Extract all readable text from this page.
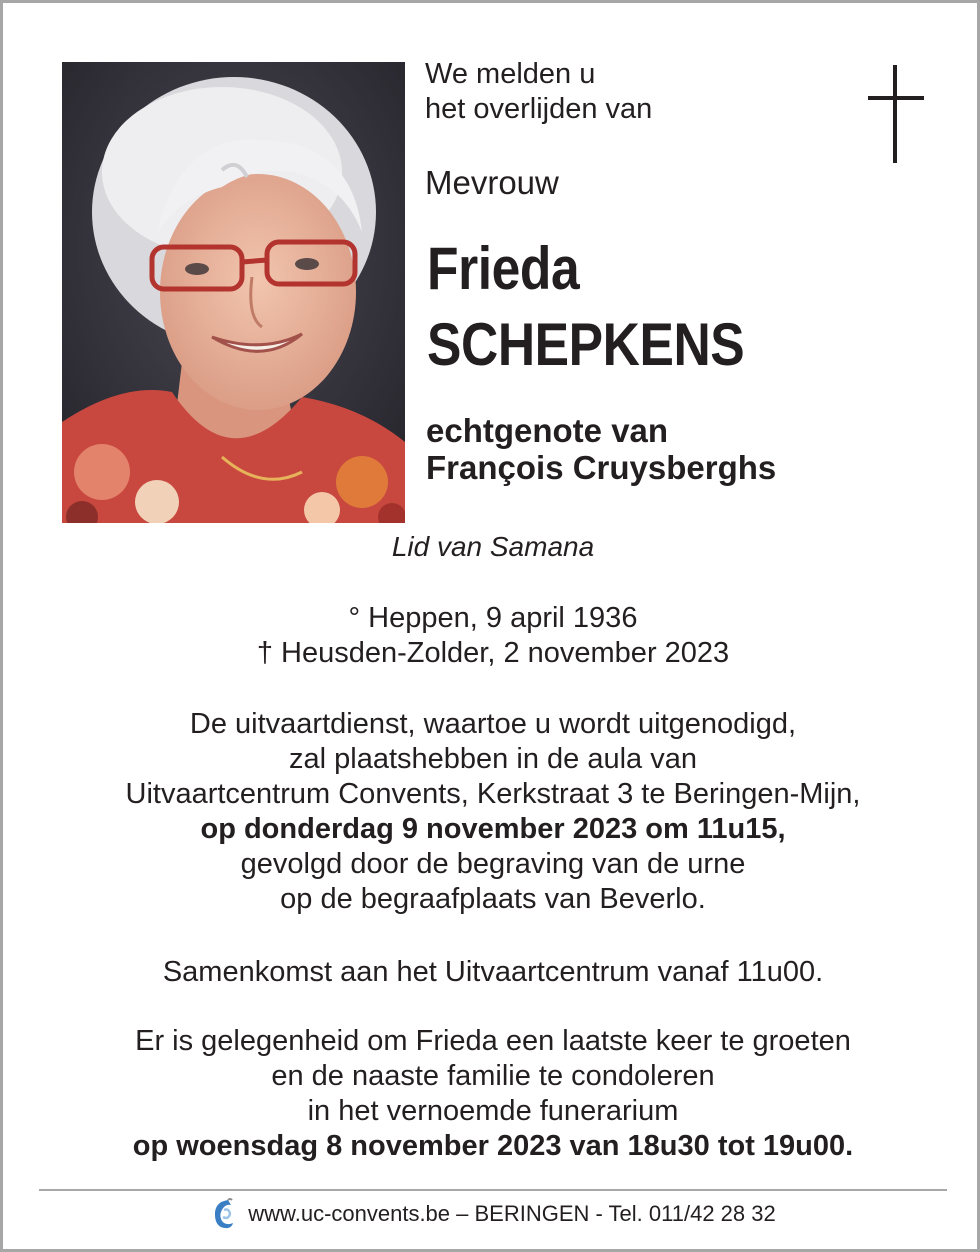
We melden u
het overlijden van
Mevrouw
Frieda
SCHEPKENS
echtgenote van
François Cruysberghs
Lid van Samana
° Heppen, 9 april 1936
† Heusden-Zolder, 2 november 2023
De uitvaartdienst, waartoe u wordt uitgenodigd,
zal plaatshebben in de aula van
Uitvaartcentrum Convents, Kerkstraat 3 te Beringen-Mijn,
op donderdag 9 november 2023 om 11u15,
gevolgd door de begraving van de urne
op de begraafplaats van Beverlo.
Samenkomst aan het Uitvaartcentrum vanaf 11u00.
Er is gelegenheid om Frieda een laatste keer te groeten
en de naaste familie te condoleren
in het vernoemde funerarium
op woensdag 8 november 2023 van 18u30 tot 19u00.
www.uc-convents.be – BERINGEN - Tel. 011/42 28 32
